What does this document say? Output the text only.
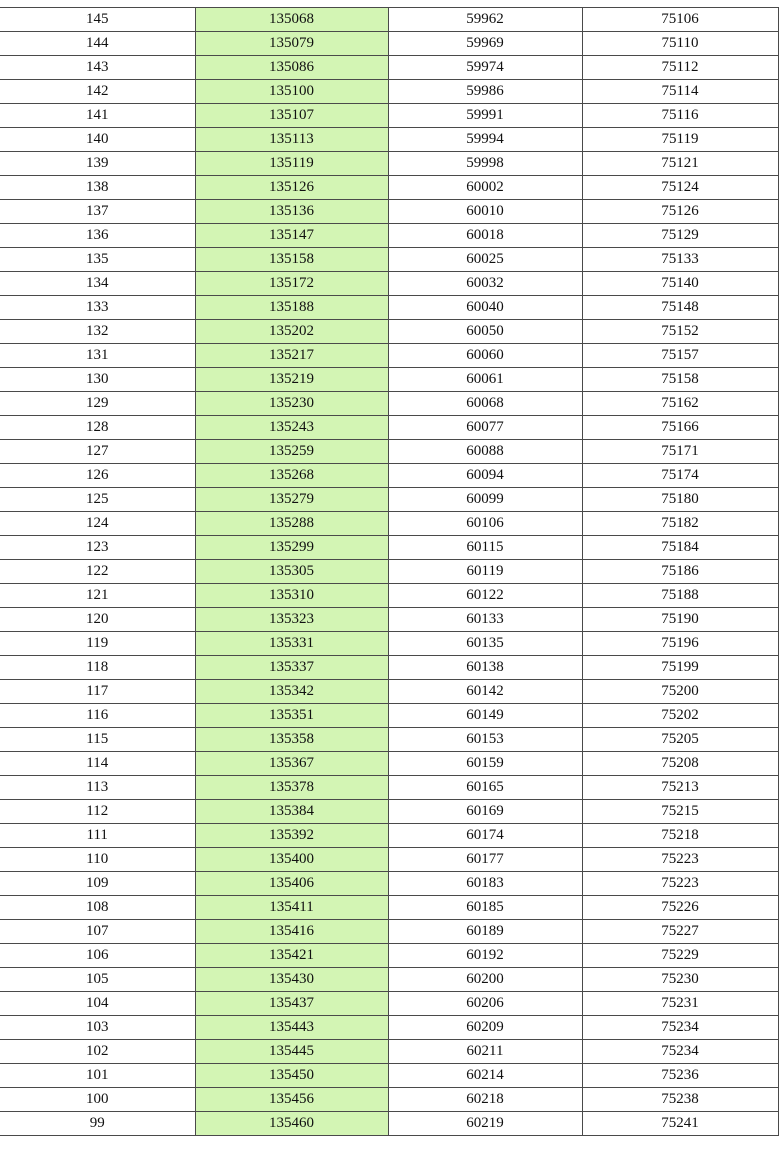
145	135068	59962	75106
144	135079	59969	75110
143	135086	59974	75112
142	135100	59986	75114
141	135107	59991	75116
140	135113	59994	75119
139	135119	59998	75121
138	135126	60002	75124
137	135136	60010	75126
136	135147	60018	75129
135	135158	60025	75133
134	135172	60032	75140
133	135188	60040	75148
132	135202	60050	75152
131	135217	60060	75157
130	135219	60061	75158
129	135230	60068	75162
128	135243	60077	75166
127	135259	60088	75171
126	135268	60094	75174
125	135279	60099	75180
124	135288	60106	75182
123	135299	60115	75184
122	135305	60119	75186
121	135310	60122	75188
120	135323	60133	75190
119	135331	60135	75196
118	135337	60138	75199
117	135342	60142	75200
116	135351	60149	75202
115	135358	60153	75205
114	135367	60159	75208
113	135378	60165	75213
112	135384	60169	75215
111	135392	60174	75218
110	135400	60177	75223
109	135406	60183	75223
108	135411	60185	75226
107	135416	60189	75227
106	135421	60192	75229
105	135430	60200	75230
104	135437	60206	75231
103	135443	60209	75234
102	135445	60211	75234
101	135450	60214	75236
100	135456	60218	75238
99	135460	60219	75241
